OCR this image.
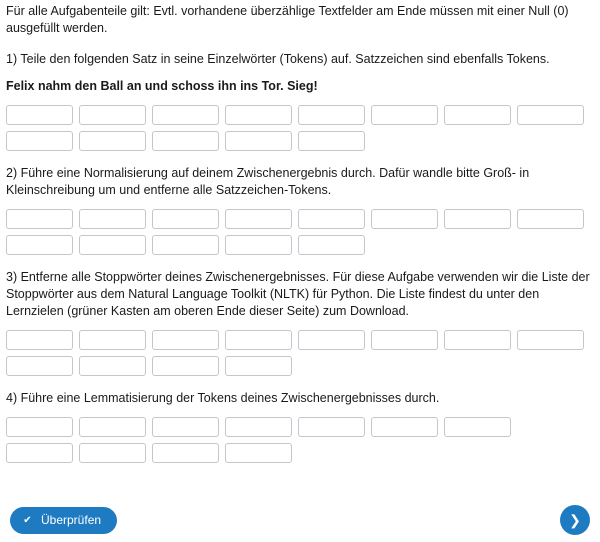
Für alle Aufgabenteile gilt: Evtl. vorhandene überzählige Textfelder am Ende müssen mit einer Null (0) ausgefüllt werden.

1) Teile den folgenden Satz in seine Einzelwörter (Tokens) auf. Satzzeichen sind ebenfalls Tokens.

Felix nahm den Ball an und schoss ihn ins Tor. Sieg!

2) Führe eine Normalisierung auf deinem Zwischenergebnis durch. Dafür wandle bitte Groß- in Kleinschreibung um und entferne alle Satzzeichen-Tokens.

3) Entferne alle Stoppwörter deines Zwischenergebnisses. Für diese Aufgabe verwenden wir die Liste der Stoppwörter aus dem Natural Language Toolkit (NLTK) für Python. Die Liste findest du unter den Lernzielen (grüner Kasten am oberen Ende dieser Seite) zum Download.

4) Führe eine Lemmatisierung der Tokens deines Zwischenergebnisses durch.

✔ Überprüfen	❯
